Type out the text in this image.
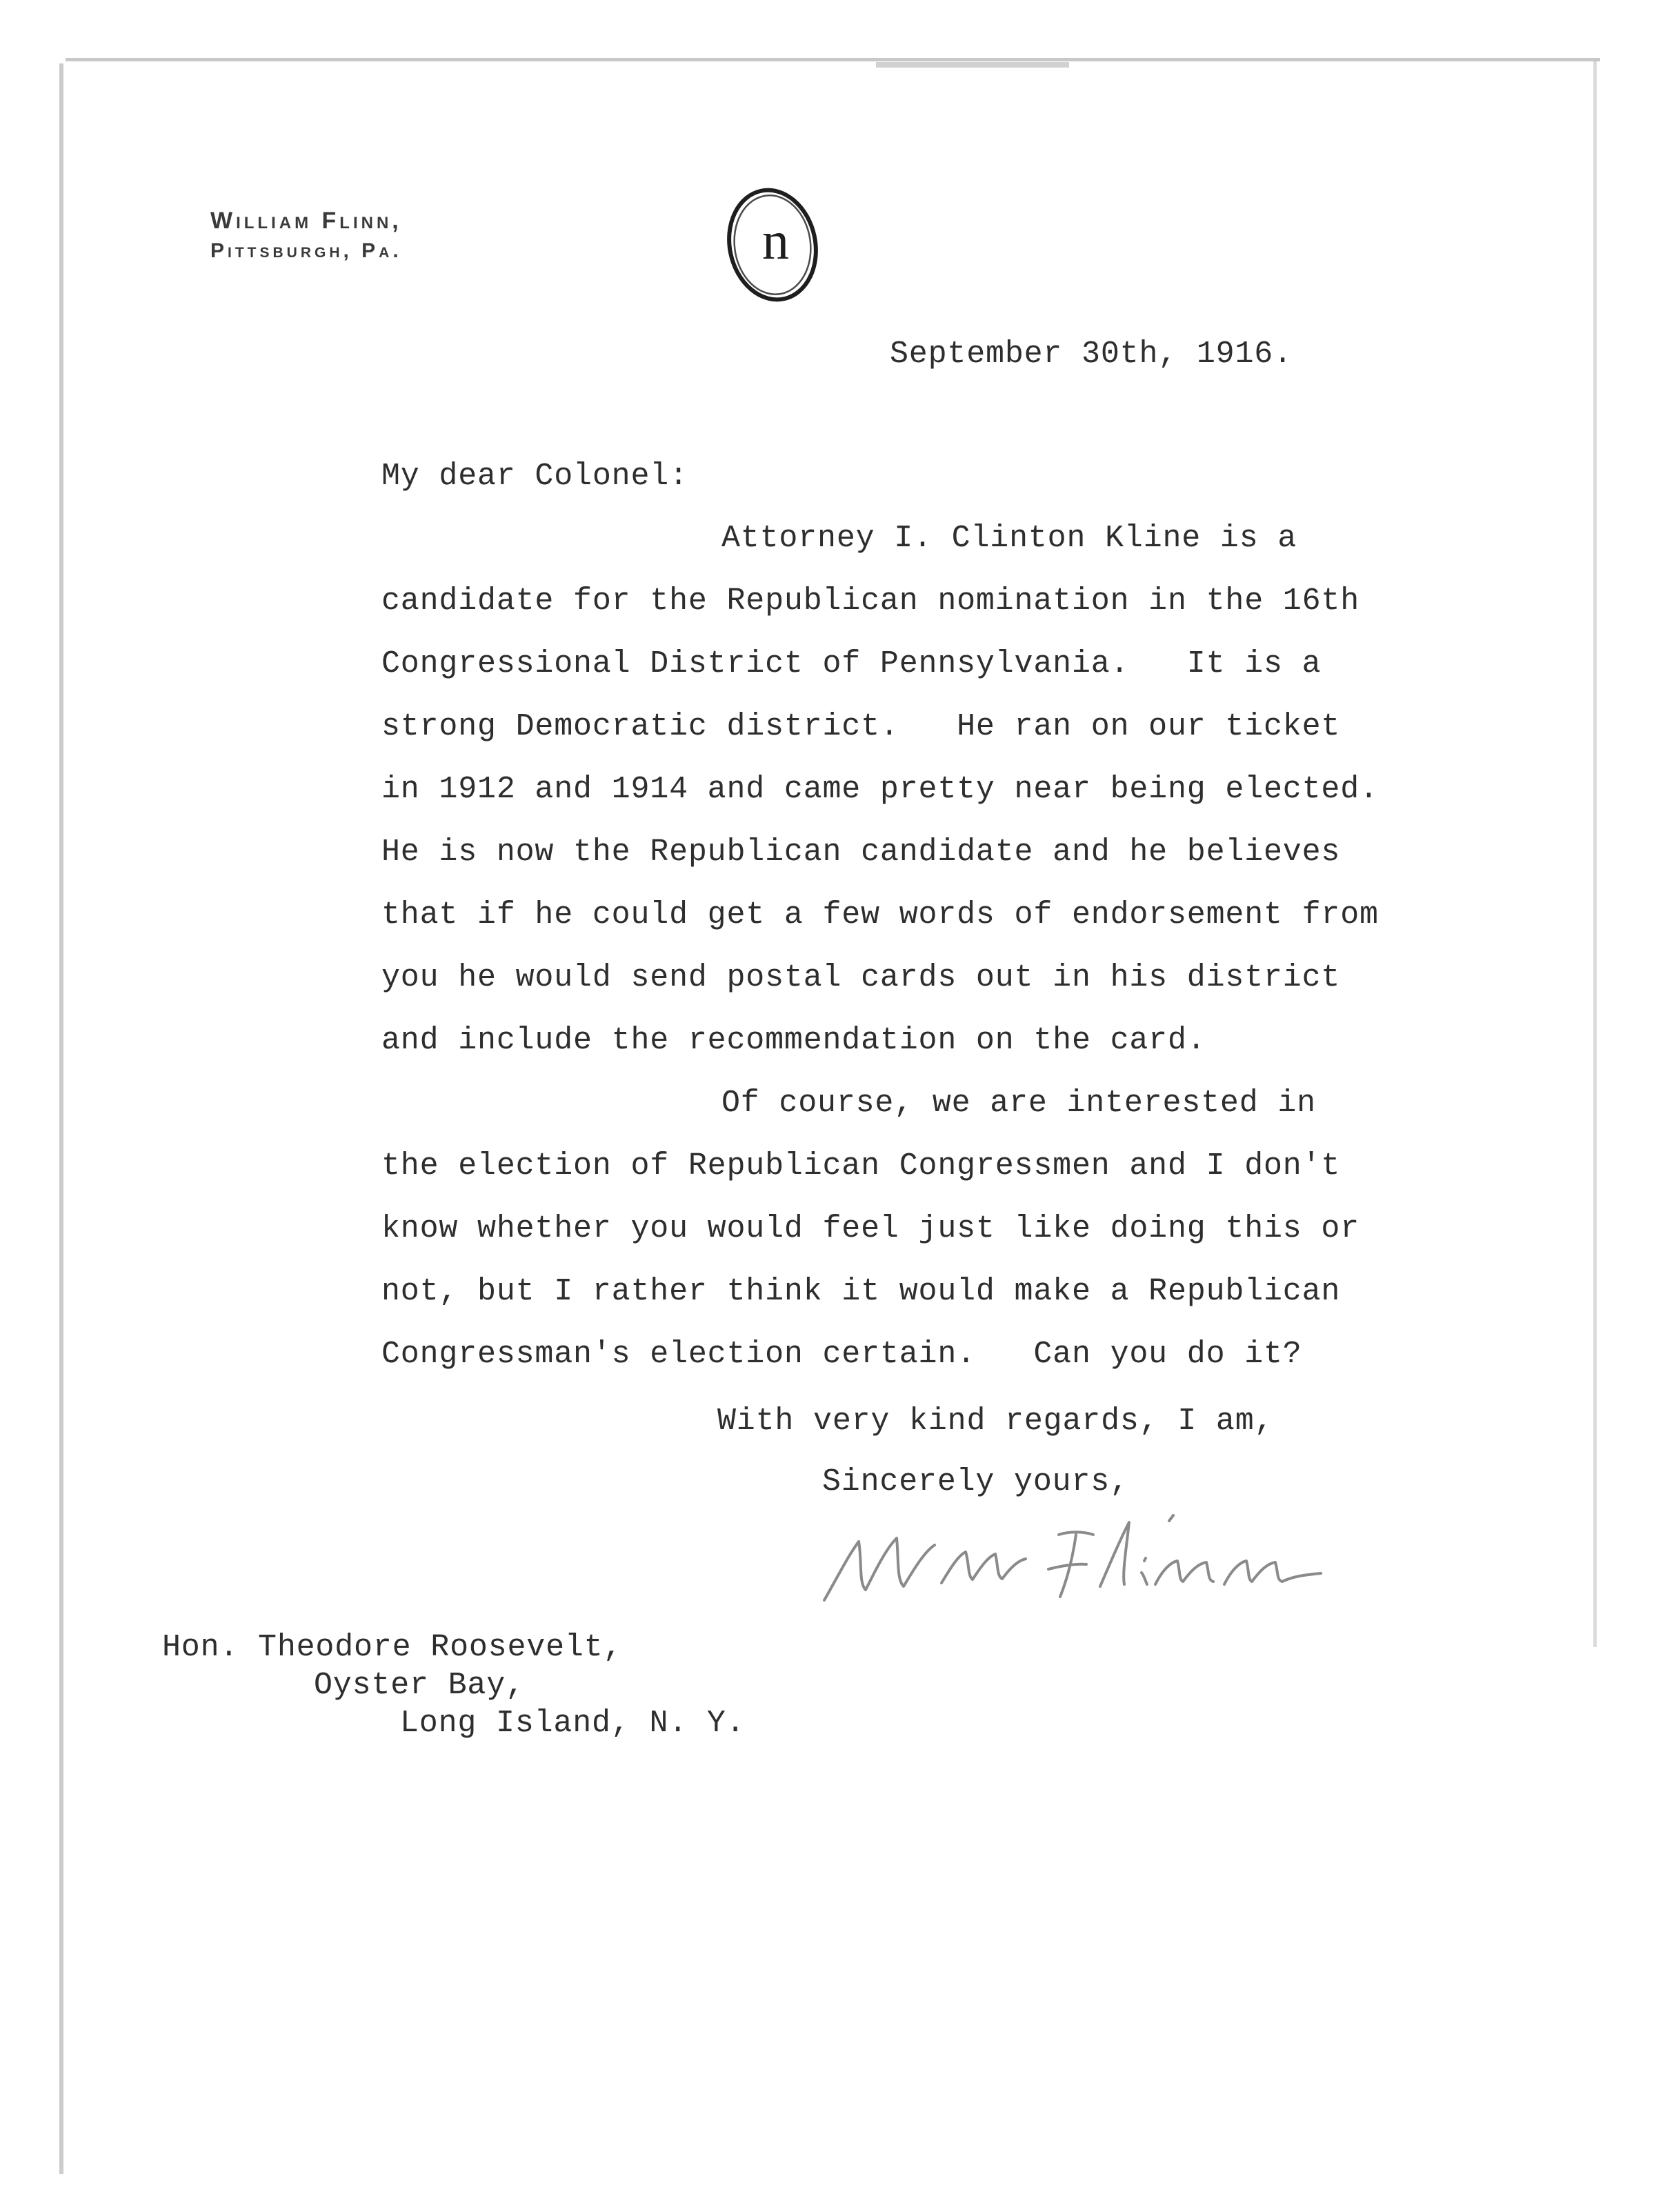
William Flinn,
Pittsburgh, Pa.	n
September 30th, 1916.
My dear Colonel:
Attorney I. Clinton Kline is a
candidate for the Republican nomination in the 16th
Congressional District of Pennsylvania.   It is a
strong Democratic district.   He ran on our ticket
in 1912 and 1914 and came pretty near being elected.
He is now the Republican candidate and he believes
that if he could get a few words of endorsement from
you he would send postal cards out in his district
and include the recommendation on the card.
Of course, we are interested in
the election of Republican Congressmen and I don't
know whether you would feel just like doing this or
not, but I rather think it would make a Republican
Congressman's election certain.   Can you do it?
With very kind regards, I am,
Sincerely yours,
Wm Flinn
Hon. Theodore Roosevelt,
Oyster Bay,
Long Island, N. Y.
